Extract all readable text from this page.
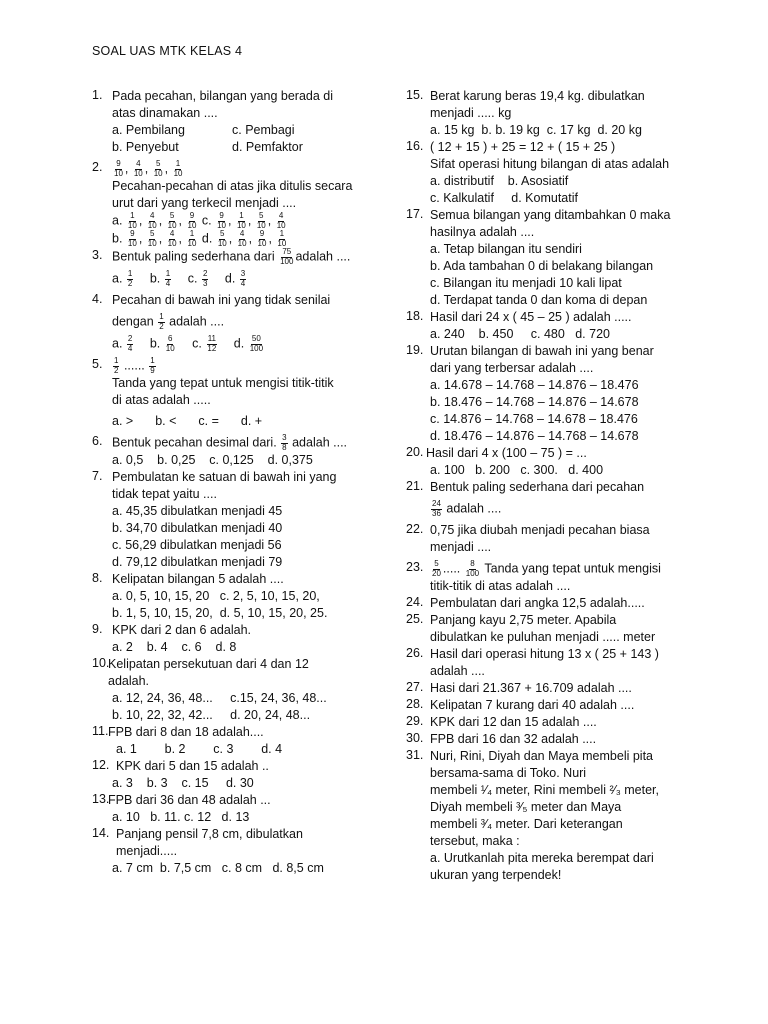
SOAL UAS MTK KELAS 4
1. Pada pecahan, bilangan yang berada di
atas dinamakan ....
a. Pembilang	c. Pembagi
b. Penyebut	d. Pemfaktor
2. $\frac{9}{10}$ , $\frac{4}{10}$ , $\frac{5}{10}$ , $\frac{1}{10}$
Pecahan-pecahan di atas jika ditulis secara
urut dari yang terkecil menjadi ....
a. $\frac{1}{10}$ , $\frac{4}{10}$ , $\frac{5}{10}$ , $\frac{9}{10} c$. $\frac{9}{10}$ , $\frac{1}{10}$ , $\frac{5}{10}$ , $\frac{4}{10}$
b. $\frac{9}{10}$ , $\frac{5}{10}$ , $\frac{4}{10}$ , $\frac{1}{10} d$. $\frac{5}{10}$ , $\frac{4}{10}$ , $\frac{9}{10}$ , $\frac{1}{10}$
3. Bentuk paling sederhana dari $\frac{75}{100}$ adalah ....
a. $\frac{1}{2} b$. $\frac{1}{4} c$. $\frac{2}{3} d$. $\frac{3}{4}$
4. Pecahan di bawah ini yang tidak senilai
dengan $\frac{1}{2}$ adalah ....
a. $\frac{2}{4} b$. $\frac{6}{10} c$. $\frac{11}{12} d$. $\frac{50}{100}$
5. $\frac{1}{2}$ ...... $\frac{1}{9}$
Tanda yang tepat untuk mengisi titik-titik
di atas adalah .....
a. > b. < c. = d. +
6. Bentuk pecahan desimal dari. $\frac{3}{8}$ adalah ....
a. 0,5    b. 0,25    c. 0,125    d. 0,375
7. Pembulatan ke satuan di bawah ini yang
tidak tepat yaitu ....
a. 45,35 dibulatkan menjadi 45
b. 34,70 dibulatkan menjadi 40
c. 56,29 dibulatkan menjadi 56
d. 79,12 dibulatkan menjadi 79
8. Kelipatan bilangan 5 adalah ....
a. 0, 5, 10, 15, 20   c. 2, 5, 10, 15, 20,
b. 1, 5, 10, 15, 20,  d. 5, 10, 15, 20, 25.
9. KPK dari 2 dan 6 adalah.
a. 2    b. 4    c. 6    d. 8
10.
Kelipatan persekutuan dari 4 dan 12
adalah.
a. 12, 24, 36, 48...     c.15, 24, 36, 48...
b. 10, 22, 32, 42...     d. 20, 24, 48...
11. FPB dari 8 dan 18 adalah....
a. 1        b. 2        c. 3        d. 4
12. KPK dari 5 dan 15 adalah ..
a. 3    b. 3    c. 15     d. 30
13.
FPB dari 36 dan 48 adalah ...
a. 10   b. 11. c. 12   d. 13
14. Panjang pensil 7,8 cm, dibulatkan
menjadi.....
a. 7 cm  b. 7,5 cm   c. 8 cm   d. 8,5 cm
15. Berat karung beras 19,4 kg. dibulatkan
menjadi ..... kg
a. 15 kg  b. b. 19 kg  c. 17 kg  d. 20 kg
16. ( 12 + 15 ) + 25 = 12 + ( 15 + 25 )
Sifat operasi hitung bilangan di atas adalah
a. distributif    b. Asosiatif
c. Kalkulatif     d. Komutatif
17. Semua bilangan yang ditambahkan 0 maka
hasilnya adalah ....
a. Tetap bilangan itu sendiri
b. Ada tambahan 0 di belakang bilangan
c. Bilangan itu menjadi 10 kali lipat
d. Terdapat tanda 0 dan koma di depan
18. Hasil dari 24 x ( 45 – 25 ) adalah .....
a. 240    b. 450     c. 480   d. 720
19. Urutan bilangan di bawah ini yang benar
dari yang terbersar adalah ....
a. 14.678 – 14.768 – 14.876 – 18.476
b. 18.476 – 14.768 – 14.876 – 14.678
c. 14.876 – 14.768 – 14.678 – 18.476
d. 18.476 – 14.876 – 14.768 – 14.678
20. Hasil dari 4 x (100 – 75 ) = ...
a. 100   b. 200   c. 300.   d. 400
21. Bentuk paling sederhana dari pecahan
$\frac{24}{36}$ adalah ....
22. 0,75 jika diubah menjadi pecahan biasa
menjadi ....
23. $\frac{5}{20}$ ..... $\frac{8}{100}$ Tanda yang tepat untuk mengisi
titik-titik di atas adalah ....
24. Pembulatan dari angka 12,5 adalah.....
25. Panjang kayu 2,75 meter. Apabila
dibulatkan ke puluhan menjadi ..... meter
26. Hasil dari operasi hitung 13 x ( 25 + 143 )
adalah ....
27. Hasi dari 21.367 + 16.709 adalah ....
28. Kelipatan 7 kurang dari 40 adalah ....
29. KPK dari 12 dan 15 adalah ....
30. FPB dari 16 dan 32 adalah ....
31. Nuri, Rini, Diyah dan Maya membeli pita
bersama-sama di Toko. Nuri
membeli ¹⁄₄ meter, Rini membeli ²⁄₃ meter,
Diyah membeli ³⁄₅ meter dan Maya
membeli ³⁄₄ meter. Dari keterangan
tersebut, maka :
a. Urutkanlah pita mereka berempat dari
ukuran yang terpendek!
